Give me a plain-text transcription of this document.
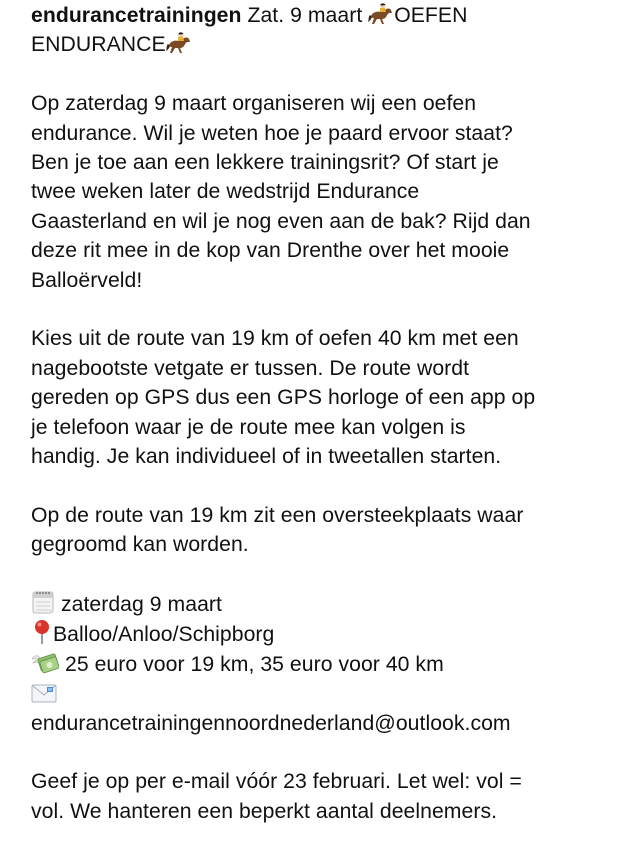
endurancetrainingen Zat. 9 maart OEFEN
ENDURANCE

Op zaterdag 9 maart organiseren wij een oefen
endurance. Wil je weten hoe je paard ervoor staat?
Ben je toe aan een lekkere trainingsrit? Of start je
twee weken later de wedstrijd Endurance
Gaasterland en wil je nog even aan de bak? Rijd dan
deze rit mee in de kop van Drenthe over het mooie
Balloërveld!

Kies uit de route van 19 km of oefen 40 km met een
nagebootste vetgate er tussen. De route wordt
gereden op GPS dus een GPS horloge of een app op
je telefoon waar je de route mee kan volgen is
handig. Je kan individueel of in tweetallen starten.

Op de route van 19 km zit een oversteekplaats waar
gegroomd kan worden.

zaterdag 9 maart
Balloo/Anloo/Schipborg
25 euro voor 19 km, 35 euro voor 40 km
endurancetrainingennoordnederland@outlook.com

Geef je op per e-mail vóór 23 februari. Let wel: vol =
vol. We hanteren een beperkt aantal deelnemers.
